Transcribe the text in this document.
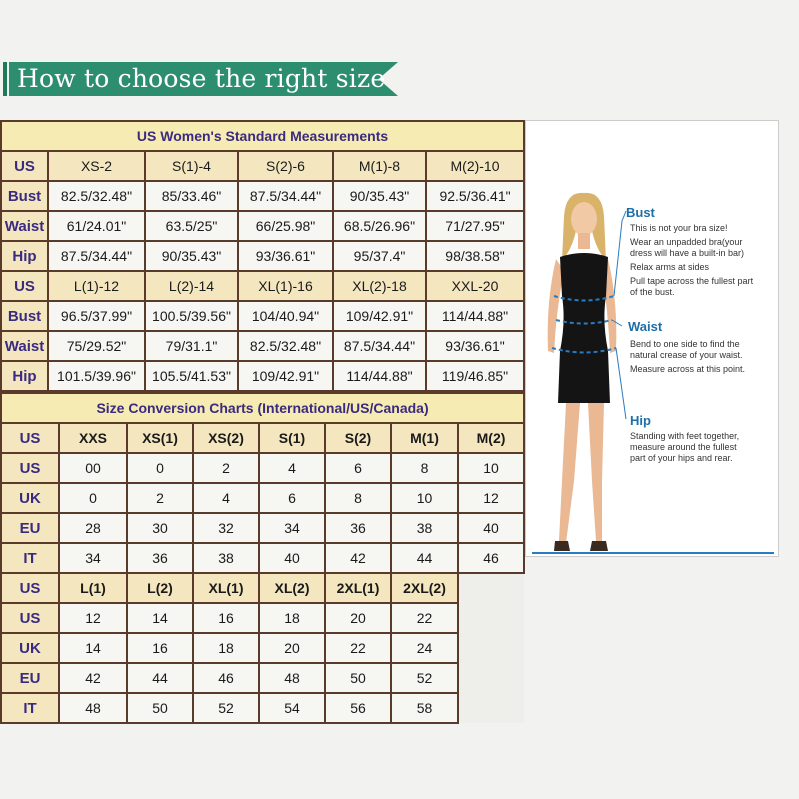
How to choose the right size
US Women's Standard Measurements					
US	XS-2	S(1)-4	S(2)-6	M(1)-8	M(2)-10
Bust	82.5/32.48"	85/33.46"	87.5/34.44"	90/35.43"	92.5/36.41"
Waist	61/24.01"	63.5/25"	66/25.98"	68.5/26.96"	71/27.95"
Hip	87.5/34.44"	90/35.43"	93/36.61"	95/37.4"	98/38.58"
US	L(1)-12	L(2)-14	XL(1)-16	XL(2)-18	XXL-20
Bust	96.5/37.99"	100.5/39.56"	104/40.94"	109/42.91"	114/44.88"
Waist	75/29.52"	79/31.1"	82.5/32.48"	87.5/34.44"	93/36.61"
Hip	101.5/39.96"	105.5/41.53"	109/42.91"	114/44.88"	119/46.85"
Size Conversion Charts (International/US/Canada)							
US	XXS	XS(1)	XS(2)	S(1)	S(2)	M(1)	M(2)
US	00	0	2	4	6	8	10
UK	0	2	4	6	8	10	12
EU	28	30	32	34	36	38	40
IT	34	36	38	40	42	44	46
US	L(1)	L(2)	XL(1)	XL(2)	2XL(1)	2XL(2)	
US	12	14	16	18	20	22	
UK	14	16	18	20	22	24	
EU	42	44	46	48	50	52	
IT	48	50	52	54	56	58	
Bust
This is not your bra size!
Wear an unpadded bra(your
dress will have a built-in bar)
Relax arms at sides
Pull tape across the fullest part
of the bust.
Waist
Bend to one side to find the
natural crease of your waist.
Measure across at this point.
Hip
Standing with feet together,
measure around the fullest
part of your hips and rear.
